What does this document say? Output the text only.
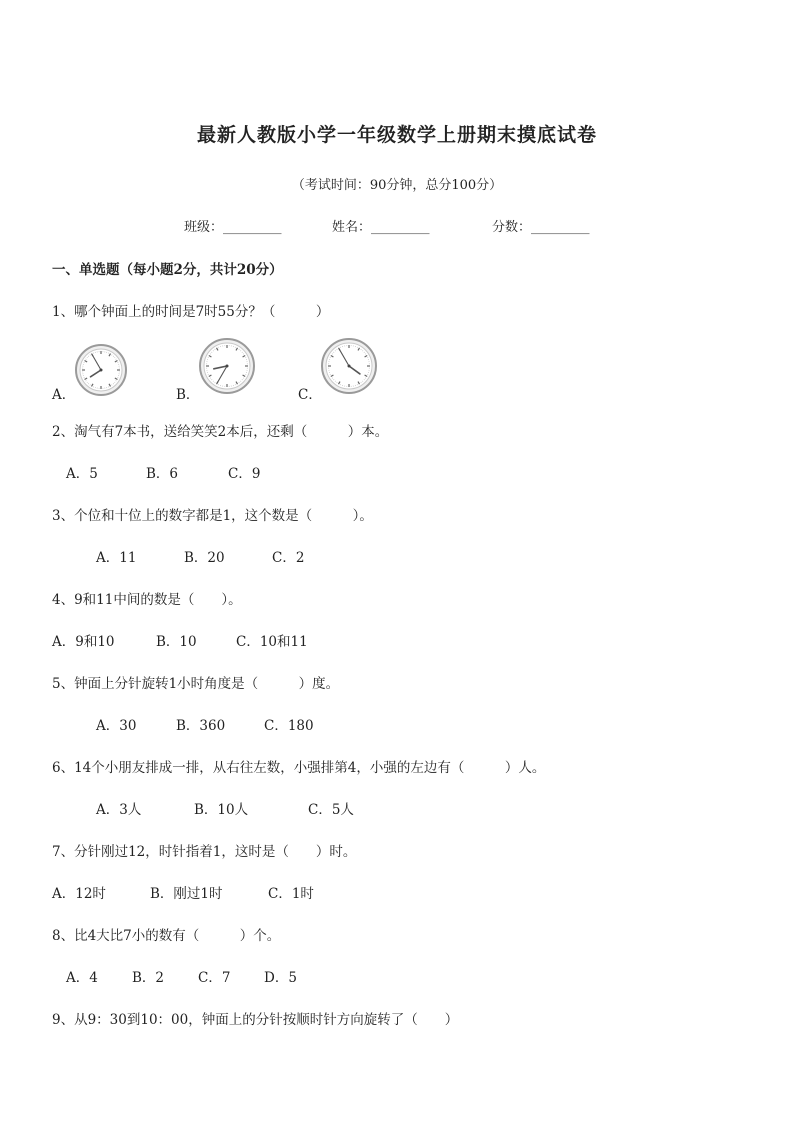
最新人教版小学一年级数学上册期末摸底试卷
（考试时间：90分钟，总分100分）
班级：_________	姓名：_________	分数：_________
一、单选题（每小题2分，共计20分）
1、哪个钟面上的时间是7时55分？（　　　）
A．	B．	C．
2、淘气有7本书，送给笑笑2本后，还剩（　　　）本。
A．5	B．6	C．9
3、个位和十位上的数字都是1，这个数是（　　　）。
A．11	B．20	C．2
4、9和11中间的数是（　　）。
A．9和10	B．10	C．10和11
5、钟面上分针旋转1小时角度是（　　　）度。
A．30	B．360	C．180
6、14个小朋友排成一排，从右往左数，小强排第4，小强的左边有（　　　）人。
A．3人	B．10人	C．5人
7、分针刚过12，时针指着1，这时是（　　）时。
A．12时	B．刚过1时	C．1时
8、比4大比7小的数有（　　　）个。
A．4	B．2	C．7 D．5
9、从9：30到10：00，钟面上的分针按顺时针方向旋转了（　　）
